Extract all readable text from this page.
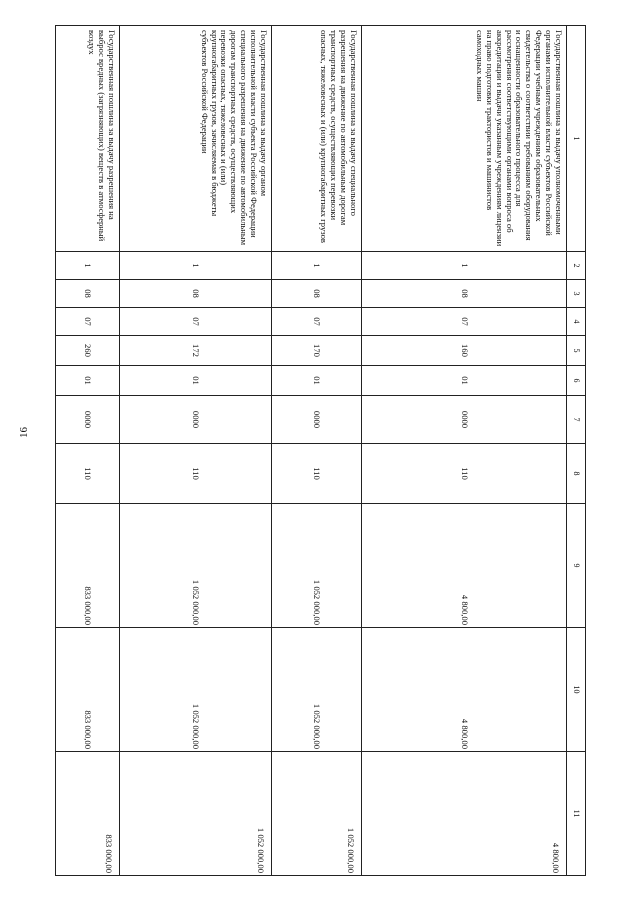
16
1	2	3	4	5	6	7	8	9	10	11
Государственная пошлина за выдачу уполномоченными органами исполнительной власти субъектов Российской Федерации учебным учреждениям образовательных свидетельства о соответствии требованиям оборудования и оснащенности образовательного процесса для рассмотрения соответствующими органами вопроса об аккредитации и выдачи указанным учреждениям лицензии на право подготовки трактористов и машинистов самоходных машин	1	08	07	160	01	0000	110	4 800,00	4 800,00	4 800,00
Государственная пошлина за выдачу специального разрешения на движение по автомобильным дорогам транспортных средств, осуществляющих перевозки опасных, тяжеловесных и (или) крупногабаритных грузов	1	08	07	170	01	0000	110	1 052 000,00	1 052 000,00	1 052 000,00
Государственная пошлина за выдачу органом исполнительной власти субъекта Российской Федерации специального разрешения на движение по автомобильным дорогам транспортных средств, осуществляющих перевозки опасных, тяжеловесных и (или) крупногабаритных грузов, зачисляемая в бюджеты субъектов Российской Федерации	1	08	07	172	01	0000	110	1 052 000,00	1 052 000,00	1 052 000,00
Государственная пошлина за выдачу разрешения на выброс вредных (загрязняющих) веществ в атмосферный воздух	1	08	07	260	01	0000	110	833 000,00	833 000,00	833 000,00
